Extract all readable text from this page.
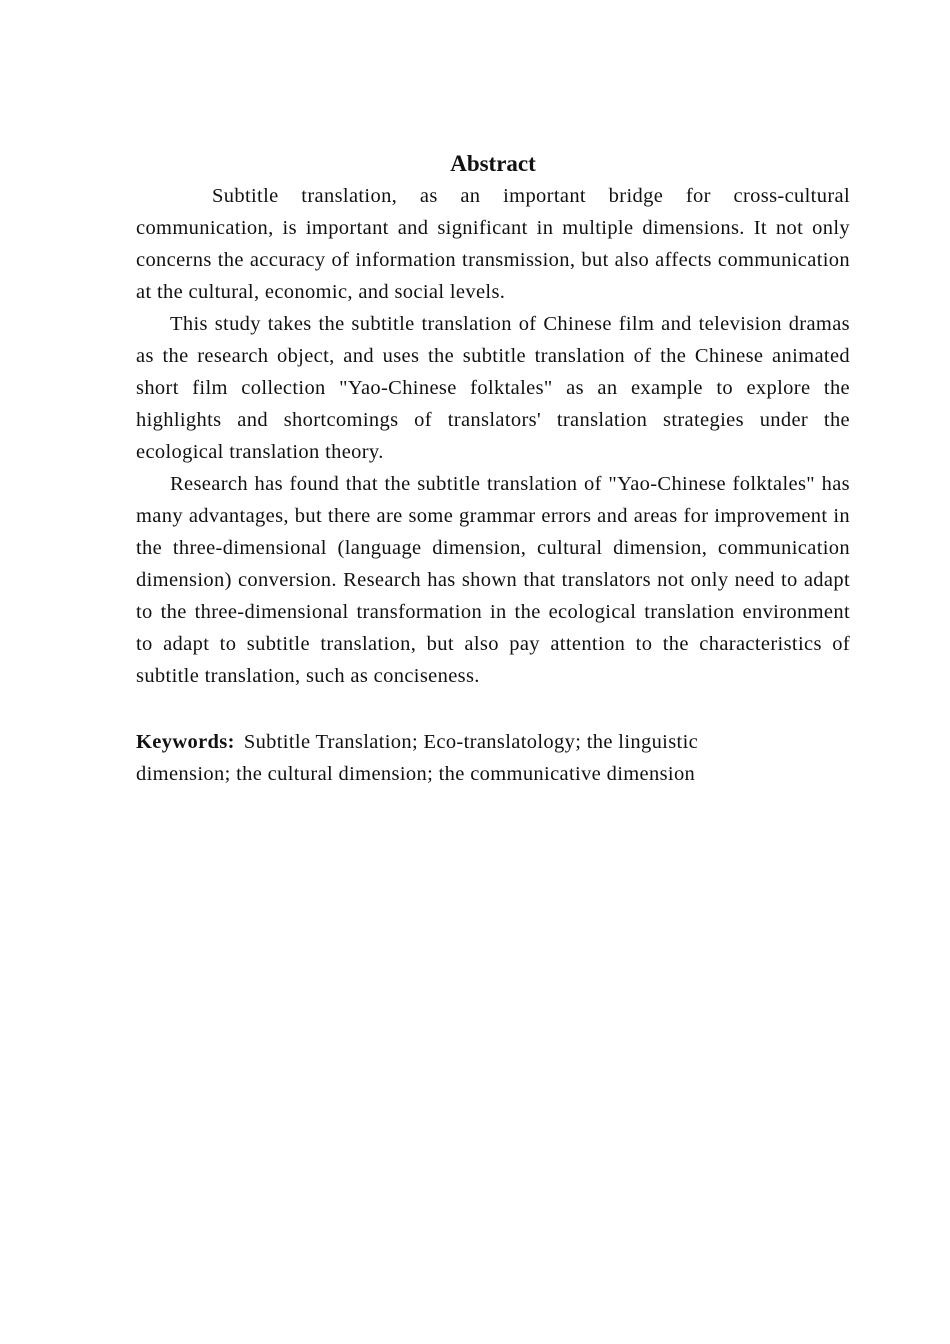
Abstract

Subtitle translation, as an important bridge for cross-cultural communication, is important and significant in multiple dimensions. It not only concerns the accuracy of information transmission, but also affects communication at the cultural, economic, and social levels.

This study takes the subtitle translation of Chinese film and television dramas as the research object, and uses the subtitle translation of the Chinese animated short film collection "Yao-Chinese folktales" as an example to explore the highlights and shortcomings of translators' translation strategies under the ecological translation theory.

Research has found that the subtitle translation of "Yao-Chinese folktales" has many advantages, but there are some grammar errors and areas for improvement in the three-dimensional (language dimension, cultural dimension, communication dimension) conversion. Research has shown that translators not only need to adapt to the three-dimensional transformation in the ecological translation environment to adapt to subtitle translation, but also pay attention to the characteristics of subtitle translation, such as conciseness.

Keywords: Subtitle Translation; Eco-translatology; the linguistic dimension; the cultural dimension; the communicative dimension
